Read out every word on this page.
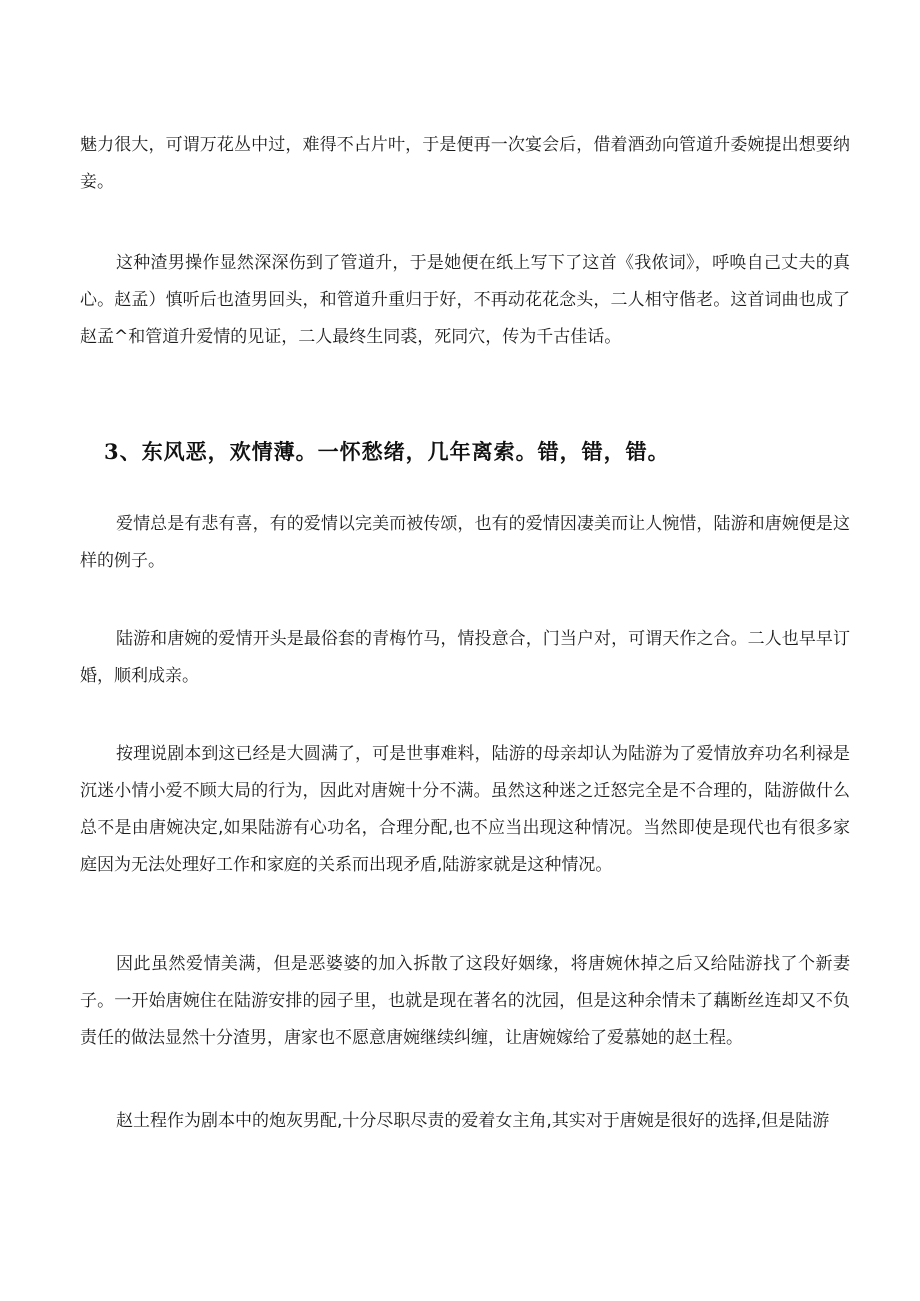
魅力很大，可谓万花丛中过，难得不占片叶，于是便再一次宴会后，借着酒劲向管道升委婉提出想要纳妾。

这种渣男操作显然深深伤到了管道升，于是她便在纸上写下了这首《我侬词》，呼唤自己丈夫的真心。赵孟）慎听后也渣男回头，和管道升重归于好，不再动花花念头，二人相守偕老。这首词曲也成了赵孟^和管道升爱情的见证，二人最终生同裘，死同穴，传为千古佳话。

3、东风恶，欢情薄。一怀愁绪，几年离索。错，错，错。

爱情总是有悲有喜，有的爱情以完美而被传颂，也有的爱情因凄美而让人惋惜，陆游和唐婉便是这样的例子。

陆游和唐婉的爱情开头是最俗套的青梅竹马，情投意合，门当户对，可谓天作之合。二人也早早订婚，顺利成亲。

按理说剧本到这已经是大圆满了，可是世事难料，陆游的母亲却认为陆游为了爱情放弃功名利禄是沉迷小情小爱不顾大局的行为，因此对唐婉十分不满。虽然这种迷之迁怒完全是不合理的，陆游做什么总不是由唐婉决定,如果陆游有心功名，合理分配,也不应当出现这种情况。当然即使是现代也有很多家庭因为无法处理好工作和家庭的关系而出现矛盾,陆游家就是这种情况。

因此虽然爱情美满，但是恶婆婆的加入拆散了这段好姻缘，将唐婉休掉之后又给陆游找了个新妻子。一开始唐婉住在陆游安排的园子里，也就是现在著名的沈园，但是这种余情未了藕断丝连却又不负责任的做法显然十分渣男，唐家也不愿意唐婉继续纠缠，让唐婉嫁给了爱慕她的赵土程。

赵土程作为剧本中的炮灰男配,十分尽职尽责的爱着女主角,其实对于唐婉是很好的选择,但是陆游
